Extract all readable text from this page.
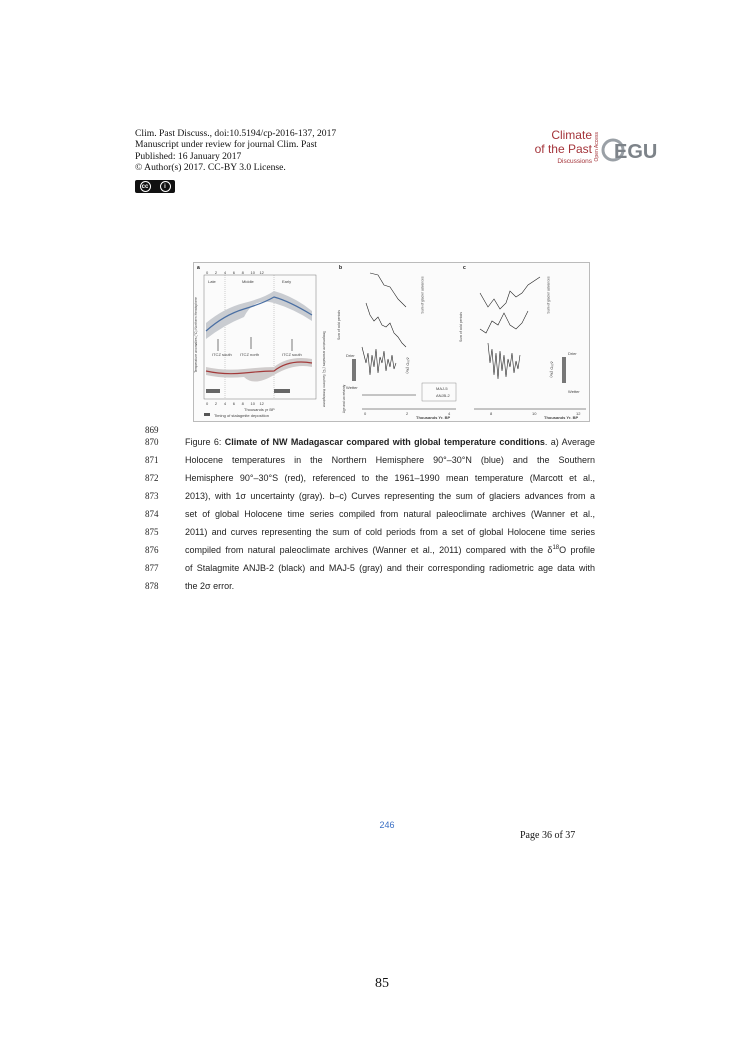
Clim. Past Discuss., doi:10.5194/cp-2016-137, 2017
Manuscript under review for journal Clim. Past
Published: 16 January 2017
© Author(s) 2017. CC-BY 3.0 License.
cc	i
Climate
of the Past
Discussions
Open Access EGU
a
0 2 4 6 8 10 12
Late	Middle	Early
ITCZ south ITCZ north	ITCZ south
0 2 4 6 8 10 12
Thousands yr BP
Timing of stalagmite deposition
Temperature anomalies (°C) Northern Hemisphere	Temperature anomalies (°C) Southern Hemisphere
b
Sum of glacier advances
Sum of cold periods
Drier
Wetter
δ¹⁸O (‰)
Age and uncertainty	MAJ-5
ANJB-2
0	2	4
Thousands Yr. BP
c
Sum of glacier advances
Sum of cold periods
Drier
Wetter
δ¹⁸O (‰)
8	10	12
Thousands Yr. BP
869
870
871
872
873
874
875
876
877
878
Figure 6: Climate of NW Madagascar compared with global temperature conditions. a) Average
Holocene temperatures in the Northern Hemisphere 90°–30°N (blue) and the Southern
Hemisphere 90°–30°S (red), referenced to the 1961–1990 mean temperature (Marcott et al.,
2013), with 1σ uncertainty (gray). b–c) Curves representing the sum of glaciers advances from a
set of global Holocene time series compiled from natural paleoclimate archives (Wanner et al.,
2011) and curves representing the sum of cold periods from a set of global Holocene time series
compiled from natural paleoclimate archives (Wanner et al., 2011) compared with the $\delta^{18}O$ profile
of Stalagmite ANJB-2 (black) and MAJ-5 (gray) and their corresponding radiometric age data with
the 2σ error.
246
Page 36 of 37
85
